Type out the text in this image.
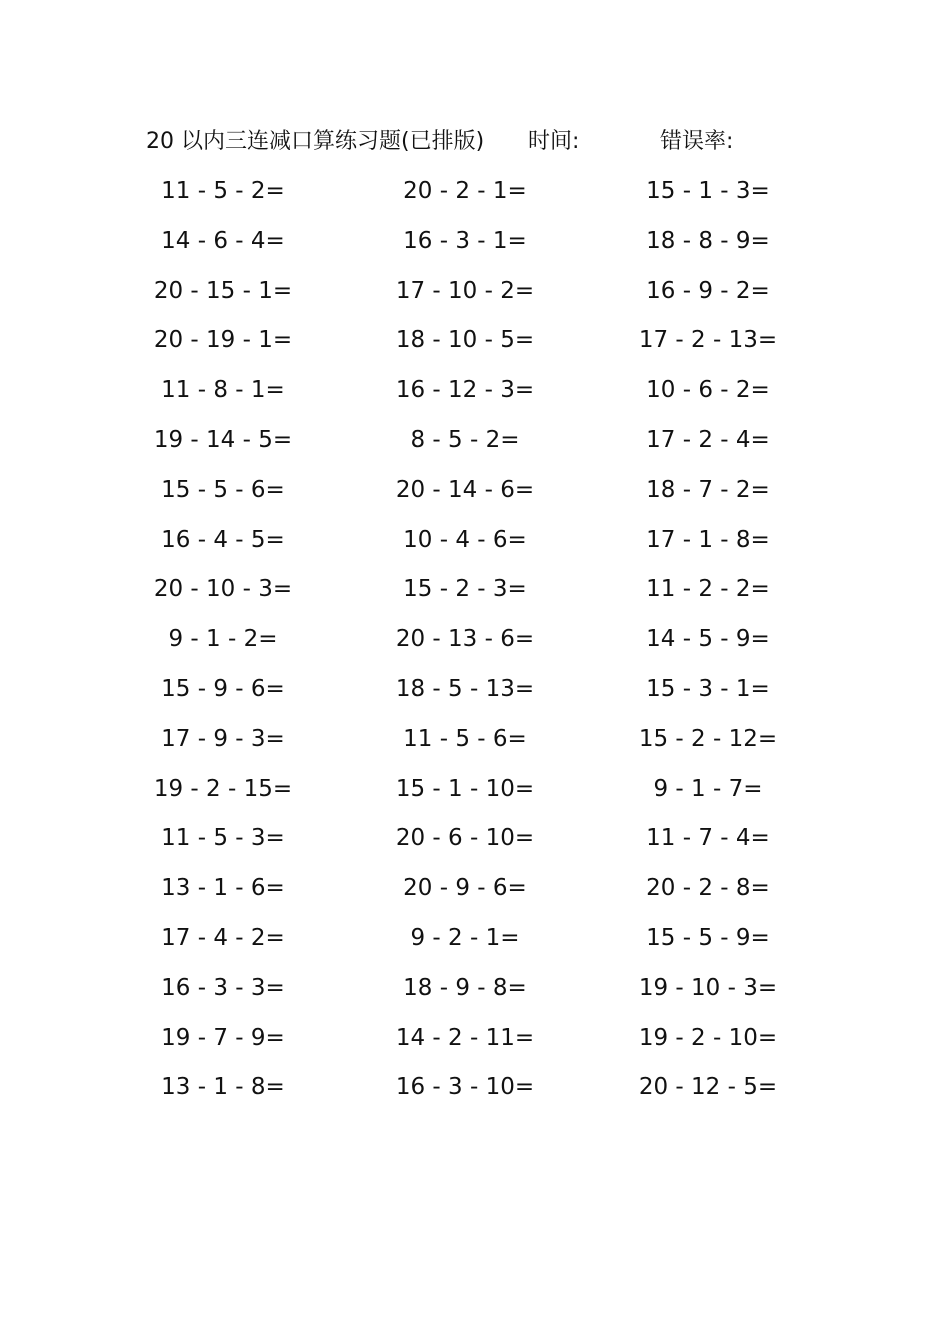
20 以内三连减口算练习题(已排版) 时间:	错误率:
11 - 5 - 2=	20 - 2 - 1=	15 - 1 - 3=
14 - 6 - 4=	16 - 3 - 1=	18 - 8 - 9=
20 - 15 - 1=	17 - 10 - 2=	16 - 9 - 2=
20 - 19 - 1=	18 - 10 - 5=	17 - 2 - 13=
11 - 8 - 1=	16 - 12 - 3=	10 - 6 - 2=
19 - 14 - 5=	8 - 5 - 2=	17 - 2 - 4=
15 - 5 - 6=	20 - 14 - 6=	18 - 7 - 2=
16 - 4 - 5=	10 - 4 - 6=	17 - 1 - 8=
20 - 10 - 3=	15 - 2 - 3=	11 - 2 - 2=
9 - 1 - 2=	20 - 13 - 6=	14 - 5 - 9=
15 - 9 - 6=	18 - 5 - 13=	15 - 3 - 1=
17 - 9 - 3=	11 - 5 - 6=	15 - 2 - 12=
19 - 2 - 15=	15 - 1 - 10=	9 - 1 - 7=
11 - 5 - 3=	20 - 6 - 10=	11 - 7 - 4=
13 - 1 - 6=	20 - 9 - 6=	20 - 2 - 8=
17 - 4 - 2=	9 - 2 - 1=	15 - 5 - 9=
16 - 3 - 3=	18 - 9 - 8=	19 - 10 - 3=
19 - 7 - 9=	14 - 2 - 11=	19 - 2 - 10=
13 - 1 - 8=	16 - 3 - 10=	20 - 12 - 5=
